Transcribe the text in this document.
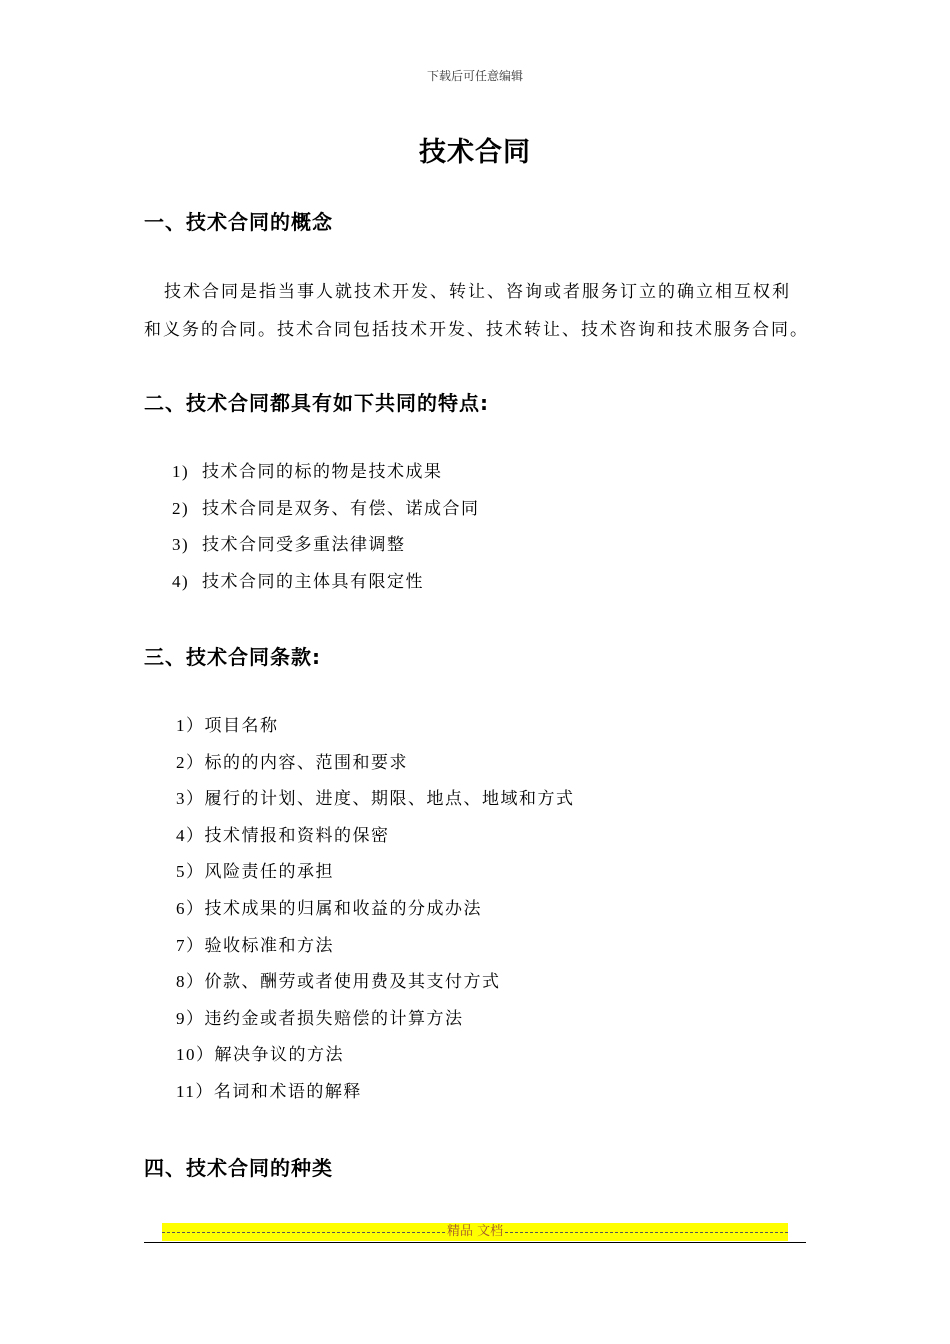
下载后可任意编辑
技术合同
一、技术合同的概念
技术合同是指当事人就技术开发、转让、咨询或者服务订立的确立相互权利
和义务的合同。技术合同包括技术开发、技术转让、技术咨询和技术服务合同。
二、技术合同都具有如下共同的特点:
1) 技术合同的标的物是技术成果
2) 技术合同是双务、有偿、诺成合同
3) 技术合同受多重法律调整
4) 技术合同的主体具有限定性
三、技术合同条款:
1）项目名称
2）标的的内容、范围和要求
3）履行的计划、进度、期限、地点、地域和方式
4）技术情报和资料的保密
5）风险责任的承担
6）技术成果的归属和收益的分成办法
7）验收标准和方法
8）价款、酬劳或者使用费及其支付方式
9）违约金或者损失赔偿的计算方法
10）解决争议的方法
11）名词和术语的解释
四、技术合同的种类
精品 文档
